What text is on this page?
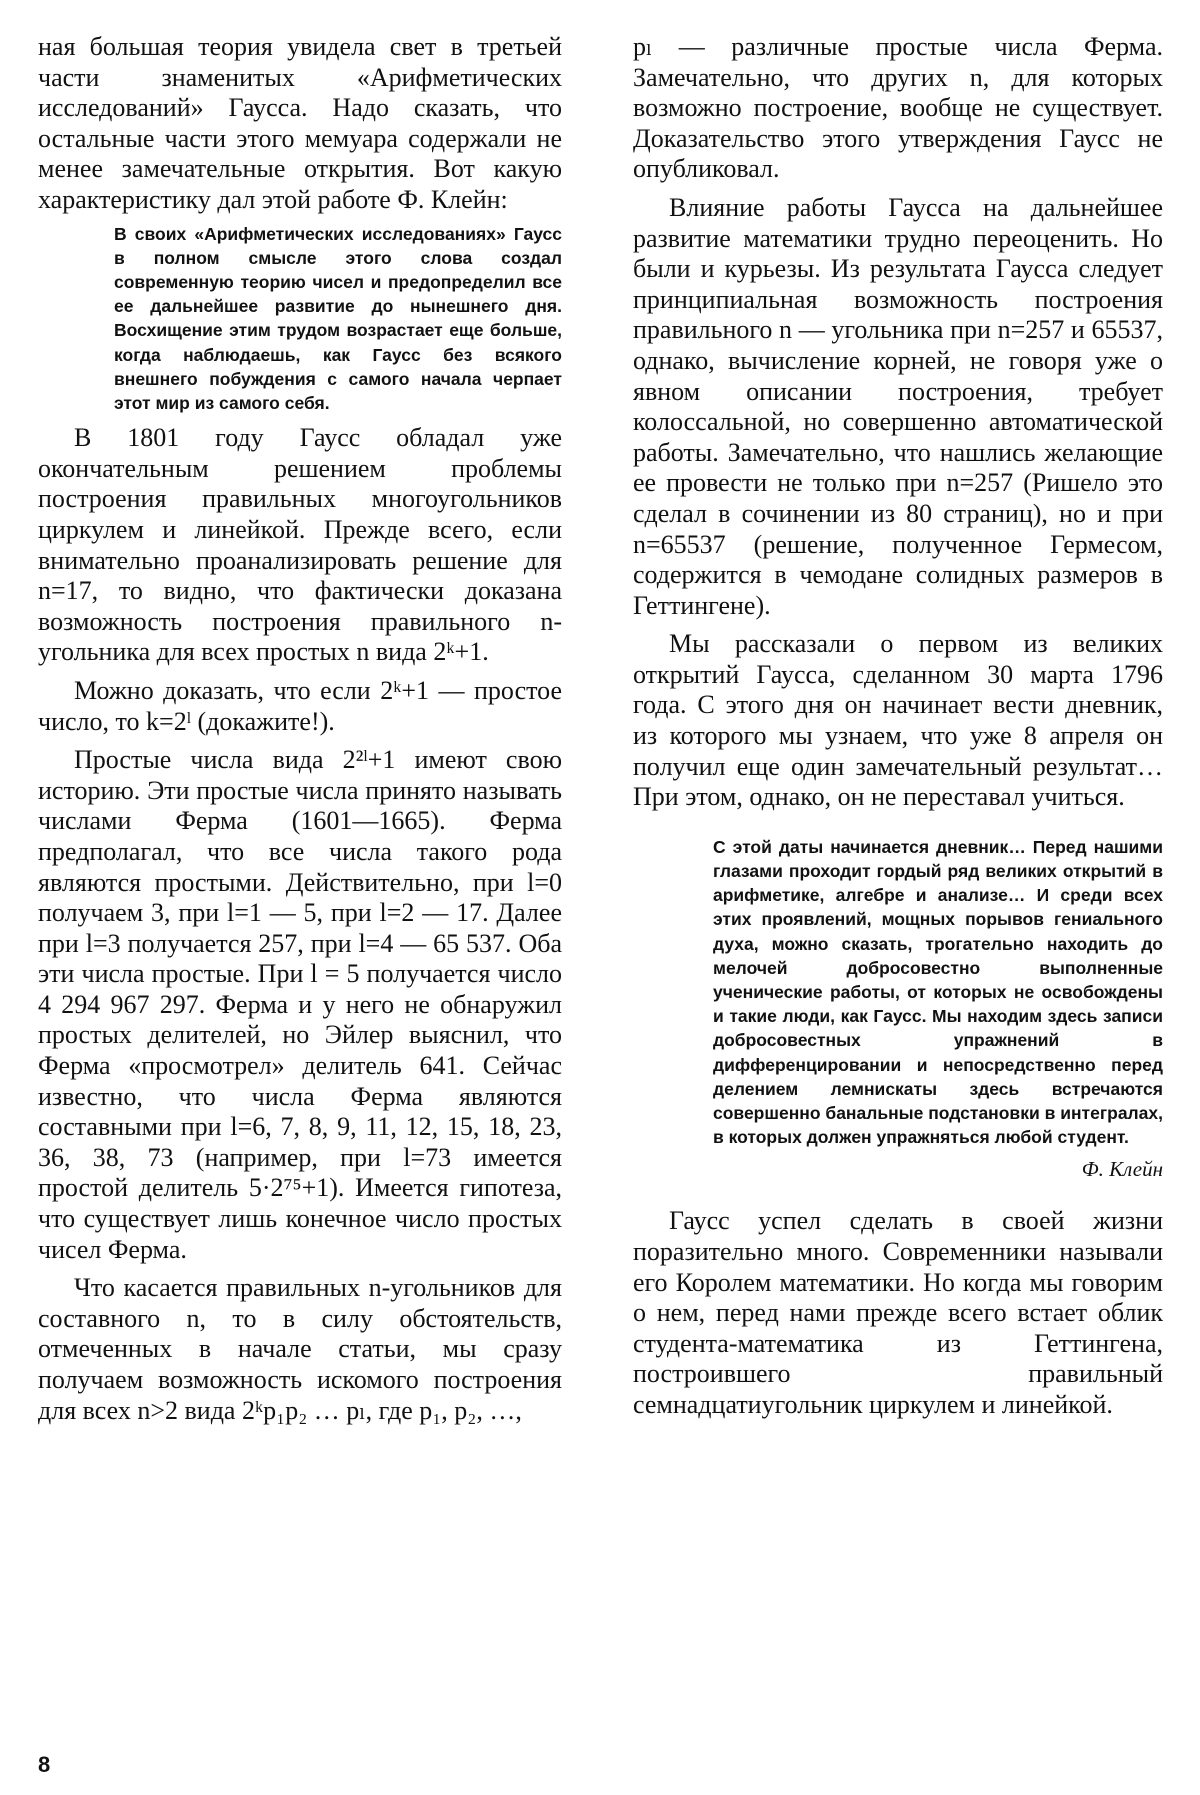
ная большая теория увидела свет в третьей части знаменитых «Арифметических исследований» Гаусса. Надо сказать, что остальные части этого мемуара содержали не менее замечательные открытия. Вот какую характеристику дал этой работе Ф. Клейн:

В своих «Арифметических исследованиях» Гаусс в полном смысле этого слова создал современную теорию чисел и предопределил все ее дальнейшее развитие до нынешнего дня. Восхищение этим трудом возрастает еще больше, когда наблюдаешь, как Гаусс без всякого внешнего побуждения с самого начала черпает этот мир из самого себя.

В 1801 году Гаусс обладал уже окончательным решением проблемы построения правильных многоугольников циркулем и линейкой. Прежде всего, если внимательно проанализировать решение для n=17, то видно, что фактически доказана возможность построения правильного n-угольника для всех простых n вида 2ᵏ+1.

Можно доказать, что если 2ᵏ+1 — простое число, то k=2ˡ (докажите!).

Простые числа вида 2²ˡ+1 имеют свою историю. Эти простые числа принято называть числами Ферма (1601—1665). Ферма предполагал, что все числа такого рода являются простыми. Действительно, при l=0 получаем 3, при l=1 — 5, при l=2 — 17. Далее при l=3 получается 257, при l=4 — 65 537. Оба эти числа простые. При l = 5 получается число 4 294 967 297. Ферма и у него не обнаружил простых делителей, но Эйлер выяснил, что Ферма «просмотрел» делитель 641. Сейчас известно, что числа Ферма являются составными при l=6, 7, 8, 9, 11, 12, 15, 18, 23, 36, 38, 73 (например, при l=73 имеется простой делитель 5·2⁷⁵+1). Имеется гипотеза, что существует лишь конечное число простых чисел Ферма.

Что касается правильных n-угольников для составного n, то в силу обстоятельств, отмеченных в начале статьи, мы сразу получаем возможность искомого построения для всех n>2 вида 2ᵏp₁p₂ … pₗ, где p₁, p₂, …,

pₗ — различные простые числа Ферма. Замечательно, что других n, для которых возможно построение, вообще не существует. Доказательство этого утверждения Гаусс не опубликовал.

Влияние работы Гаусса на дальнейшее развитие математики трудно переоценить. Но были и курьезы. Из результата Гаусса следует принципиальная возможность построения правильного n — угольника при n=257 и 65537, однако, вычисление корней, не говоря уже о явном описании построения, требует колоссальной, но совершенно автоматической работы. Замечательно, что нашлись желающие ее провести не только при n=257 (Ришело это сделал в сочинении из 80 страниц), но и при n=65537 (решение, полученное Гермесом, содержится в чемодане солидных размеров в Геттингене).

Мы рассказали о первом из великих открытий Гаусса, сделанном 30 марта 1796 года. С этого дня он начинает вести дневник, из которого мы узнаем, что уже 8 апреля он получил еще один замечательный результат… При этом, однако, он не переставал учиться.

С этой даты начинается дневник… Перед нашими глазами проходит гордый ряд великих открытий в арифметике, алгебре и анализе… И среди всех этих проявлений, мощных порывов гениального духа, можно сказать, трогательно находить до мелочей добросовестно выполненные ученические работы, от которых не освобождены и такие люди, как Гаусс. Мы находим здесь записи добросовестных упражнений в дифференцировании и непосредственно перед делением лемнискаты здесь встречаются совершенно банальные подстановки в интегралах, в которых должен упражняться любой студент.
Ф. Клейн

Гаусс успел сделать в своей жизни поразительно много. Современники называли его Королем математики. Но когда мы говорим о нем, перед нами прежде всего встает облик студента-математика из Геттингена, построившего правильный семнадцатиугольник циркулем и линейкой.

8
